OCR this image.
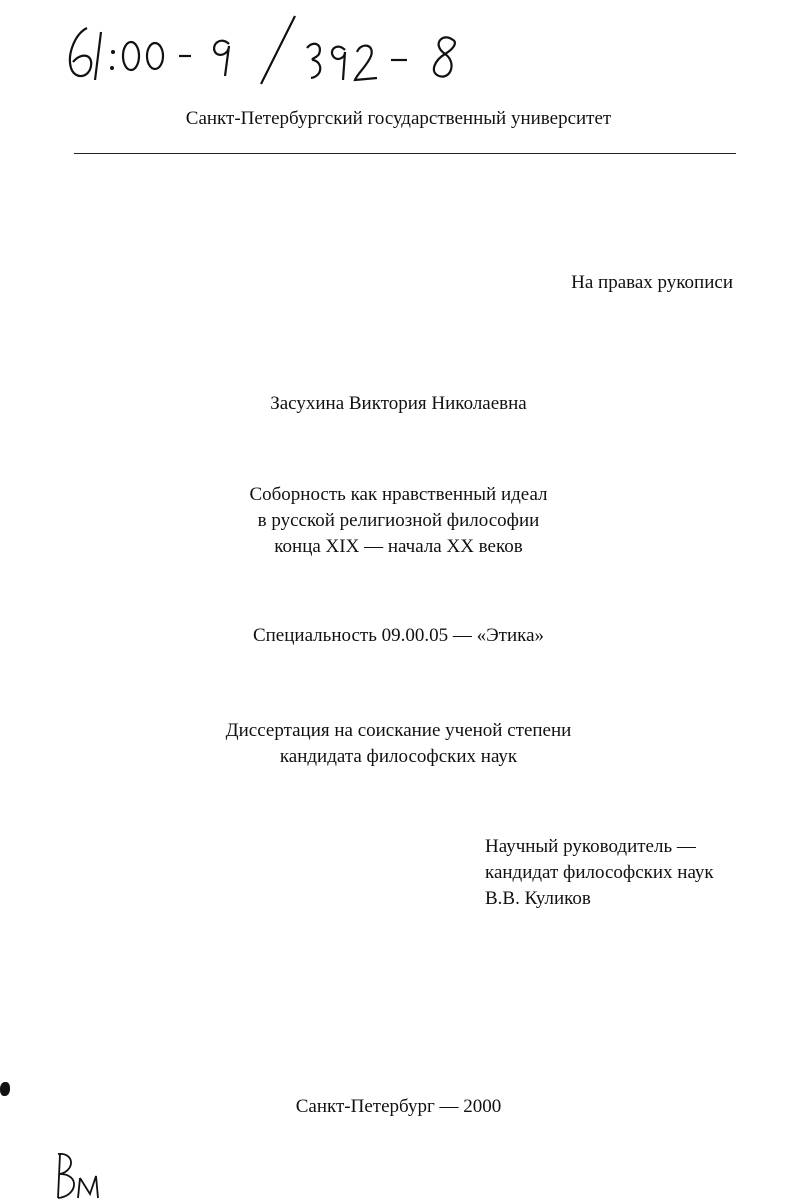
Санкт-Петербургский государственный университет
На правах рукописи
Засухина Виктория Николаевна
Соборность как нравственный идеал
в русской религиозной философии
конца XIX — начала XX веков
Специальность 09.00.05 — «Этика»
Диссертация на соискание ученой степени
кандидата философских наук
Научный руководитель —
кандидат философских наук
В.В. Куликов
Санкт-Петербург — 2000
